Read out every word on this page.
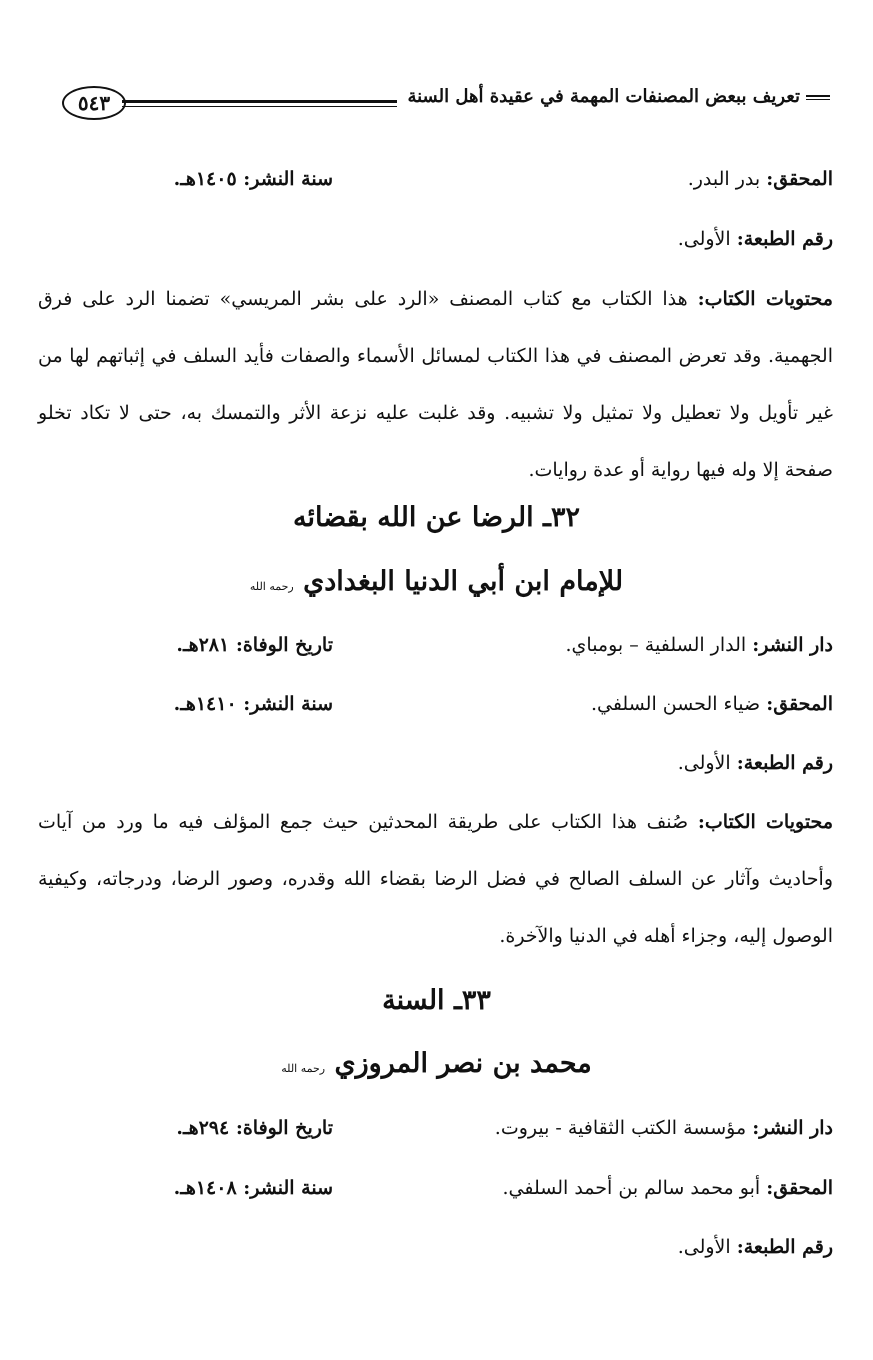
٥٤٣	تعريف ببعض المصنفات المهمة في عقيدة أهل السنة
المحقق: بدر البدر.
سنة النشر: ١٤٠٥هـ.
رقم الطبعة: الأولى.
محتويات الكتاب: هذا الكتاب مع كتاب المصنف «الرد على بشر المريسي» تضمنا الرد على فرق الجهمية. وقد تعرض المصنف في هذا الكتاب لمسائل الأسماء والصفات فأيد السلف في إثباتهم لها من غير تأويل ولا تعطيل ولا تمثيل ولا تشبيه. وقد غلبت عليه نزعة الأثر والتمسك به، حتى لا تكاد تخلو صفحة إلا وله فيها رواية أو عدة روايات.
٣٢ـ الرضا عن الله بقضائه
للإمام ابن أبي الدنيا البغدادي رحمه الله
دار النشر: الدار السلفية – بومباي.
تاريخ الوفاة: ٢٨١هـ.
المحقق: ضياء الحسن السلفي.
سنة النشر: ١٤١٠هـ.
رقم الطبعة: الأولى.
محتويات الكتاب: صُنف هذا الكتاب على طريقة المحدثين حيث جمع المؤلف فيه ما ورد من آيات وأحاديث وآثار عن السلف الصالح في فضل الرضا بقضاء الله وقدره، وصور الرضا، ودرجاته، وكيفية الوصول إليه، وجزاء أهله في الدنيا والآخرة.
٣٣ـ السنة
محمد بن نصر المروزي رحمه الله
دار النشر: مؤسسة الكتب الثقافية - بيروت.
تاريخ الوفاة: ٢٩٤هـ.
المحقق: أبو محمد سالم بن أحمد السلفي.
سنة النشر: ١٤٠٨هـ.
رقم الطبعة: الأولى.
